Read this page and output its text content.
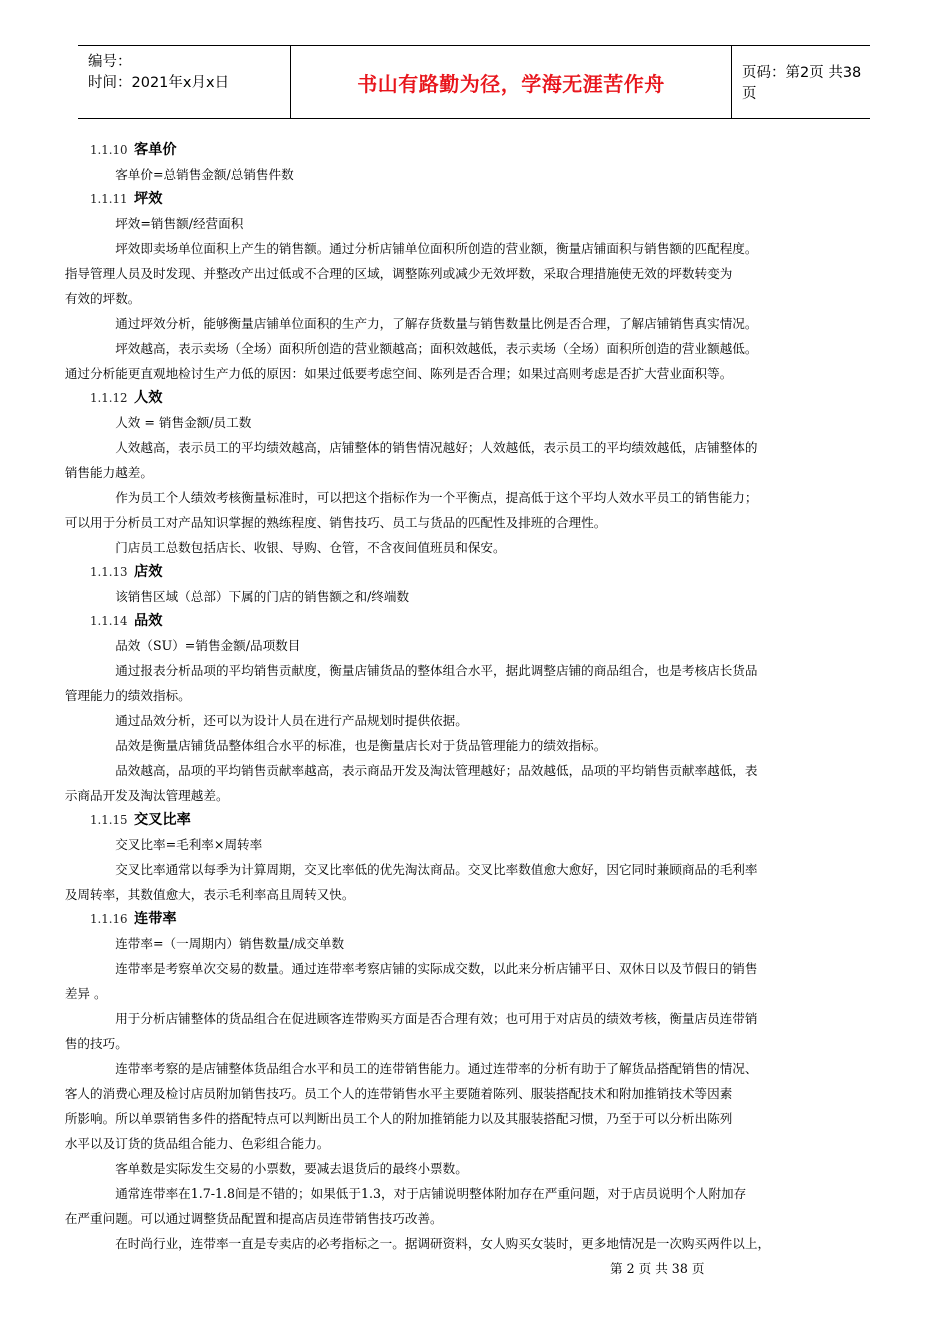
编号：
时间：2021年x月x日	书山有路勤为径，学海无涯苦作舟	页码：第2页 共38页
1.1.10 客单价

客单价=总销售金额/总销售件数

1.1.11 坪效

坪效=销售额/经营面积

坪效即卖场单位面积上产生的销售额。通过分析店铺单位面积所创造的营业额，衡量店铺面积与销售额的匹配程度。
指导管理人员及时发现、并整改产出过低或不合理的区域，调整陈列或减少无效坪数，采取合理措施使无效的坪数转变为
有效的坪数。

通过坪效分析，能够衡量店铺单位面积的生产力，了解存货数量与销售数量比例是否合理，了解店铺销售真实情况。

坪效越高，表示卖场（全场）面积所创造的营业额越高；面积效越低，表示卖场（全场）面积所创造的营业额越低。
通过分析能更直观地检讨生产力低的原因：如果过低要考虑空间、陈列是否合理；如果过高则考虑是否扩大营业面积等。

1.1.12 人效

人效 = 销售金额/员工数

人效越高，表示员工的平均绩效越高，店铺整体的销售情况越好；人效越低，表示员工的平均绩效越低，店铺整体的
销售能力越差。

作为员工个人绩效考核衡量标准时，可以把这个指标作为一个平衡点，提高低于这个平均人效水平员工的销售能力；
可以用于分析员工对产品知识掌握的熟练程度、销售技巧、员工与货品的匹配性及排班的合理性。

门店员工总数包括店长、收银、导购、仓管，不含夜间值班员和保安。

1.1.13 店效

该销售区域（总部）下属的门店的销售额之和/终端数

1.1.14 品效

品效（SU）=销售金额/品项数目

通过报表分析品项的平均销售贡献度，衡量店铺货品的整体组合水平，据此调整店铺的商品组合，也是考核店长货品
管理能力的绩效指标。

通过品效分析，还可以为设计人员在进行产品规划时提供依据。

品效是衡量店铺货品整体组合水平的标准，也是衡量店长对于货品管理能力的绩效指标。

品效越高，品项的平均销售贡献率越高，表示商品开发及淘汰管理越好；品效越低，品项的平均销售贡献率越低，表
示商品开发及淘汰管理越差。

1.1.15 交叉比率

交叉比率=毛利率×周转率

交叉比率通常以每季为计算周期，交叉比率低的优先淘汰商品。交叉比率数值愈大愈好，因它同时兼顾商品的毛利率
及周转率，其数值愈大，表示毛利率高且周转又快。

1.1.16 连带率

连带率=（一周期内）销售数量/成交单数

连带率是考察单次交易的数量。通过连带率考察店铺的实际成交数，以此来分析店铺平日、双休日以及节假日的销售
差异 。

用于分析店铺整体的货品组合在促进顾客连带购买方面是否合理有效；也可用于对店员的绩效考核，衡量店员连带销
售的技巧。

连带率考察的是店铺整体货品组合水平和员工的连带销售能力。通过连带率的分析有助于了解货品搭配销售的情况、
客人的消费心理及检讨店员附加销售技巧。员工个人的连带销售水平主要随着陈列、服装搭配技术和附加推销技术等因素
所影响。所以单票销售多件的搭配特点可以判断出员工个人的附加推销能力以及其服装搭配习惯，乃至于可以分析出陈列
水平以及订货的货品组合能力、色彩组合能力。

客单数是实际发生交易的小票数，要减去退货后的最终小票数。

通常连带率在1.7-1.8间是不错的；如果低于1.3，对于店铺说明整体附加存在严重问题，对于店员说明个人附加存
在严重问题。可以通过调整货品配置和提高店员连带销售技巧改善。

在时尚行业，连带率一直是专卖店的必考指标之一。据调研资料，女人购买女装时，更多地情况是一次购买两件以上，

第 2 页 共 38 页
